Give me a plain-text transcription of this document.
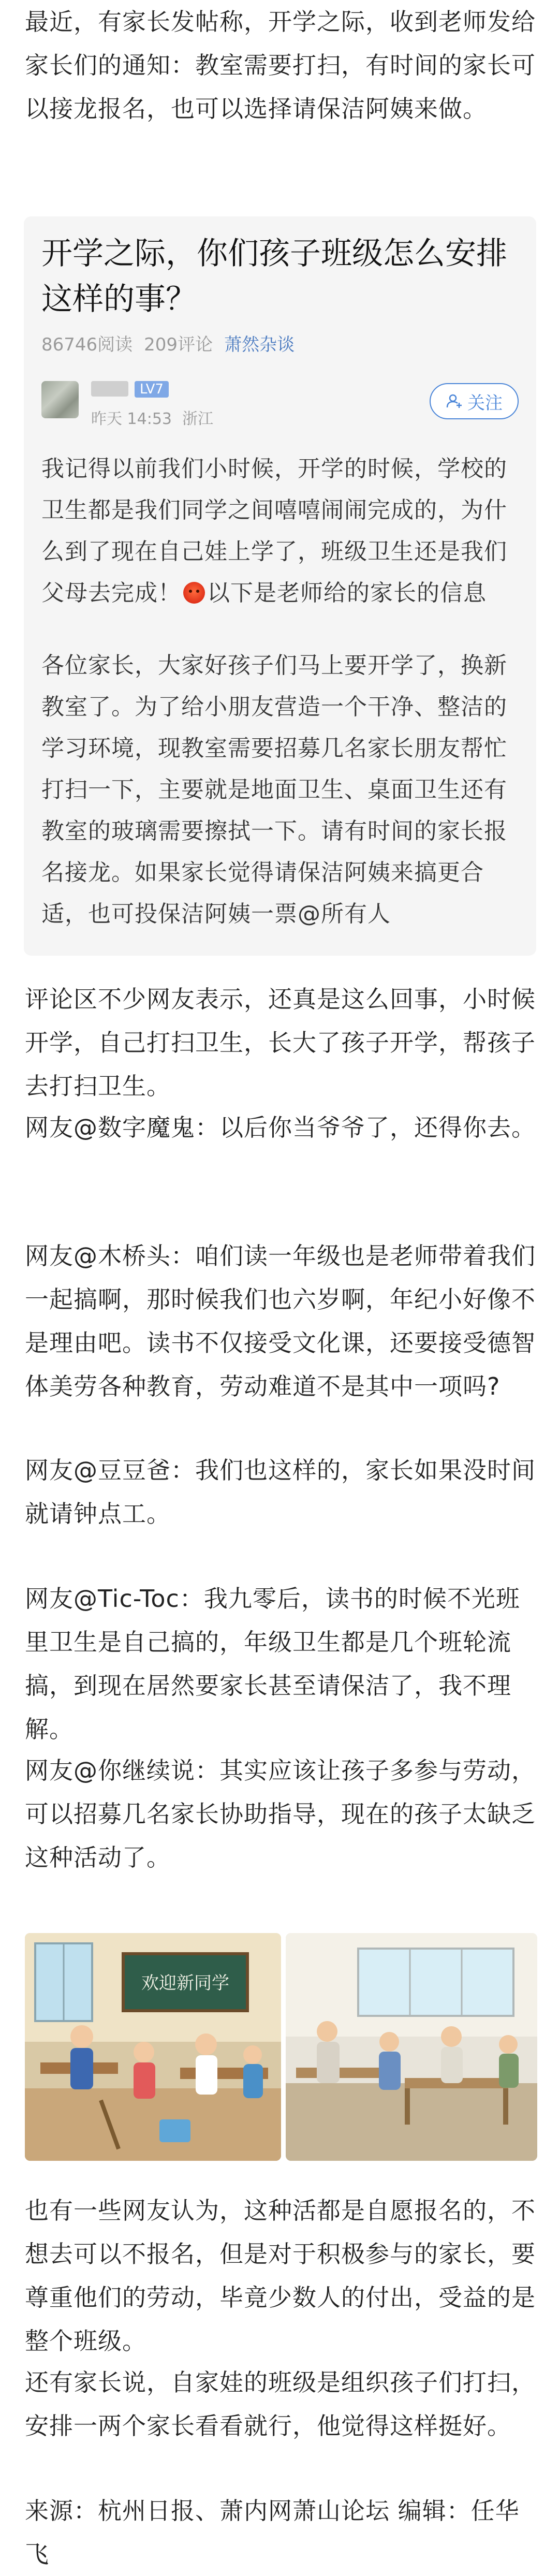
最近，有家长发帖称，开学之际，收到老师发给家长们的通知：教室需要打扫，有时间的家长可以接龙报名，也可以选择请保洁阿姨来做。

开学之际，你们孩子班级怎么安排这样的事？

86746阅读 209评论 萧然杂谈
LV7
昨天 14:53 浙江
关注

我记得以前我们小时候，开学的时候，学校的卫生都是我们同学之间嘻嘻闹闹完成的，为什么到了现在自己娃上学了，班级卫生还是我们父母去完成！ 以下是老师给的家长的信息

各位家长，大家好孩子们马上要开学了，换新教室了。为了给小朋友营造一个干净、整洁的学习环境，现教室需要招募几名家长朋友帮忙打扫一下，主要就是地面卫生、桌面卫生还有教室的玻璃需要擦拭一下。请有时间的家长报名接龙。如果家长觉得请保洁阿姨来搞更合适，也可投保洁阿姨一票@所有人

评论区不少网友表示，还真是这么回事，小时候开学，自己打扫卫生，长大了孩子开学，帮孩子去打扫卫生。

网友@数字魔鬼：以后你当爷爷了，还得你去。

网友@木桥头：咱们读一年级也是老师带着我们一起搞啊，那时候我们也六岁啊，年纪小好像不是理由吧。读书不仅接受文化课，还要接受德智体美劳各种教育，劳动难道不是其中一项吗?

网友@豆豆爸：我们也这样的，家长如果没时间就请钟点工。

网友@Tic-Toc：我九零后，读书的时候不光班里卫生是自己搞的，年级卫生都是几个班轮流搞，到现在居然要家长甚至请保洁了，我不理解。

网友@你继续说：其实应该让孩子多参与劳动，可以招募几名家长协助指导，现在的孩子太缺乏这种活动了。

欢迎新同学

也有一些网友认为，这种活都是自愿报名的，不想去可以不报名，但是对于积极参与的家长，要尊重他们的劳动，毕竟少数人的付出，受益的是整个班级。

还有家长说，自家娃的班级是组织孩子们打扫，安排一两个家长看看就行，他觉得这样挺好。

来源：杭州日报、萧内网萧山论坛 编辑：任华飞
